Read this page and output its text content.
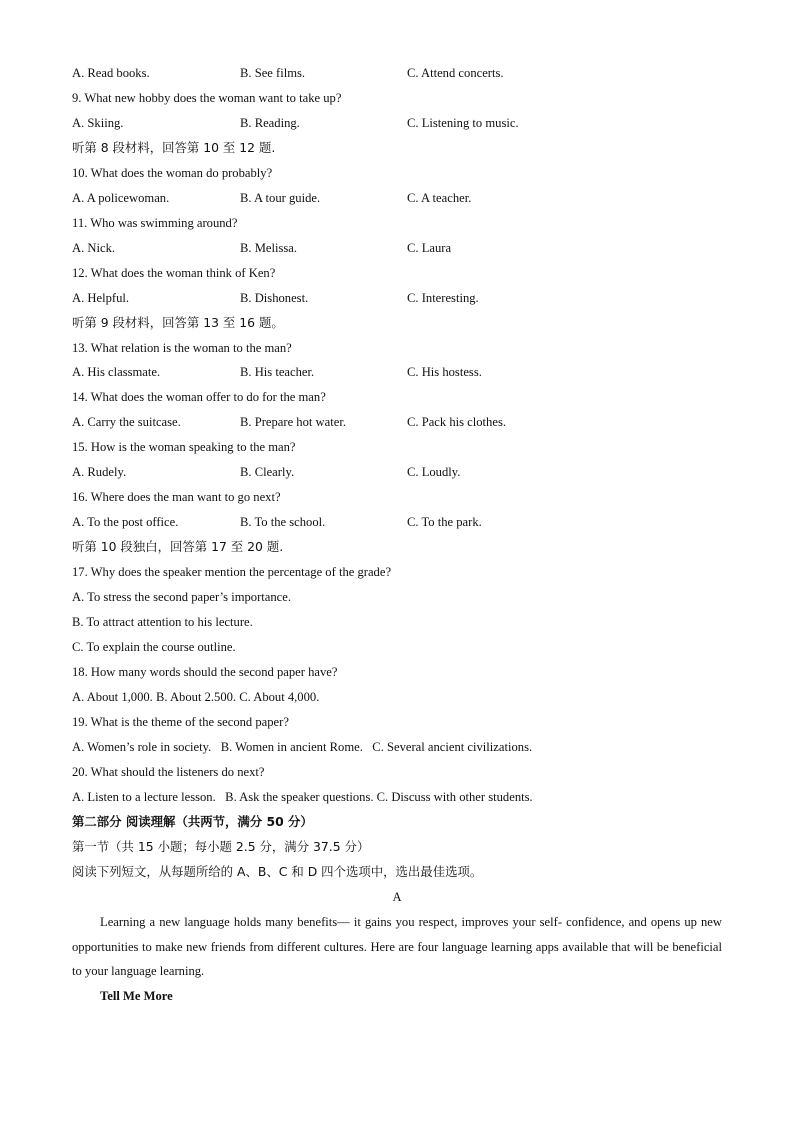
A. Read books.	B. See films.	C. Attend concerts.
9. What new hobby does the woman want to take up?
A. Skiing.	B. Reading.	C. Listening to music.
听第 8 段材料，回答第 10 至 12 题.
10. What does the woman do probably?
A. A policewoman.	B. A tour guide.	C. A teacher.
11. Who was swimming around?
A. Nick.	B. Melissa.	C. Laura
12. What does the woman think of Ken?
A. Helpful.	B. Dishonest.	C. Interesting.
听第 9 段材料，回答第 13 至 16 题。
13. What relation is the woman to the man?
A. His classmate.	B. His teacher.	C. His hostess.
14. What does the woman offer to do for the man?
A. Carry the suitcase.	B. Prepare hot water.	C. Pack his clothes.
15. How is the woman speaking to the man?
A. Rudely.	B. Clearly.	C. Loudly.
16. Where does the man want to go next?
A. To the post office.	B. To the school.	C. To the park.
听第 10 段独白，回答第 17 至 20 题.
17. Why does the speaker mention the percentage of the grade?
A. To stress the second paper’s importance.
B. To attract attention to his lecture.
C. To explain the course outline.
18. How many words should the second paper have?
A. About 1,000. B. About 2.500. C. About 4,000.
19. What is the theme of the second paper?
A. Women’s role in society.   B. Women in ancient Rome.   C. Several ancient civilizations.
20. What should the listeners do next?
A. Listen to a lecture lesson.   B. Ask the speaker questions. C. Discuss with other students.
第二部分 阅读理解（共两节，满分 50 分）
第一节（共 15 小题；每小题 2.5 分，满分 37.5 分）
阅读下列短文，从每题所给的 A、B、C 和 D 四个选项中，选出最佳选项。
A
Learning a new language holds many benefits— it gains you respect, improves your self- confidence, and opens up new opportunities to make new friends from different cultures. Here are four language learning apps available that will be beneficial to your language learning.
Tell Me More
